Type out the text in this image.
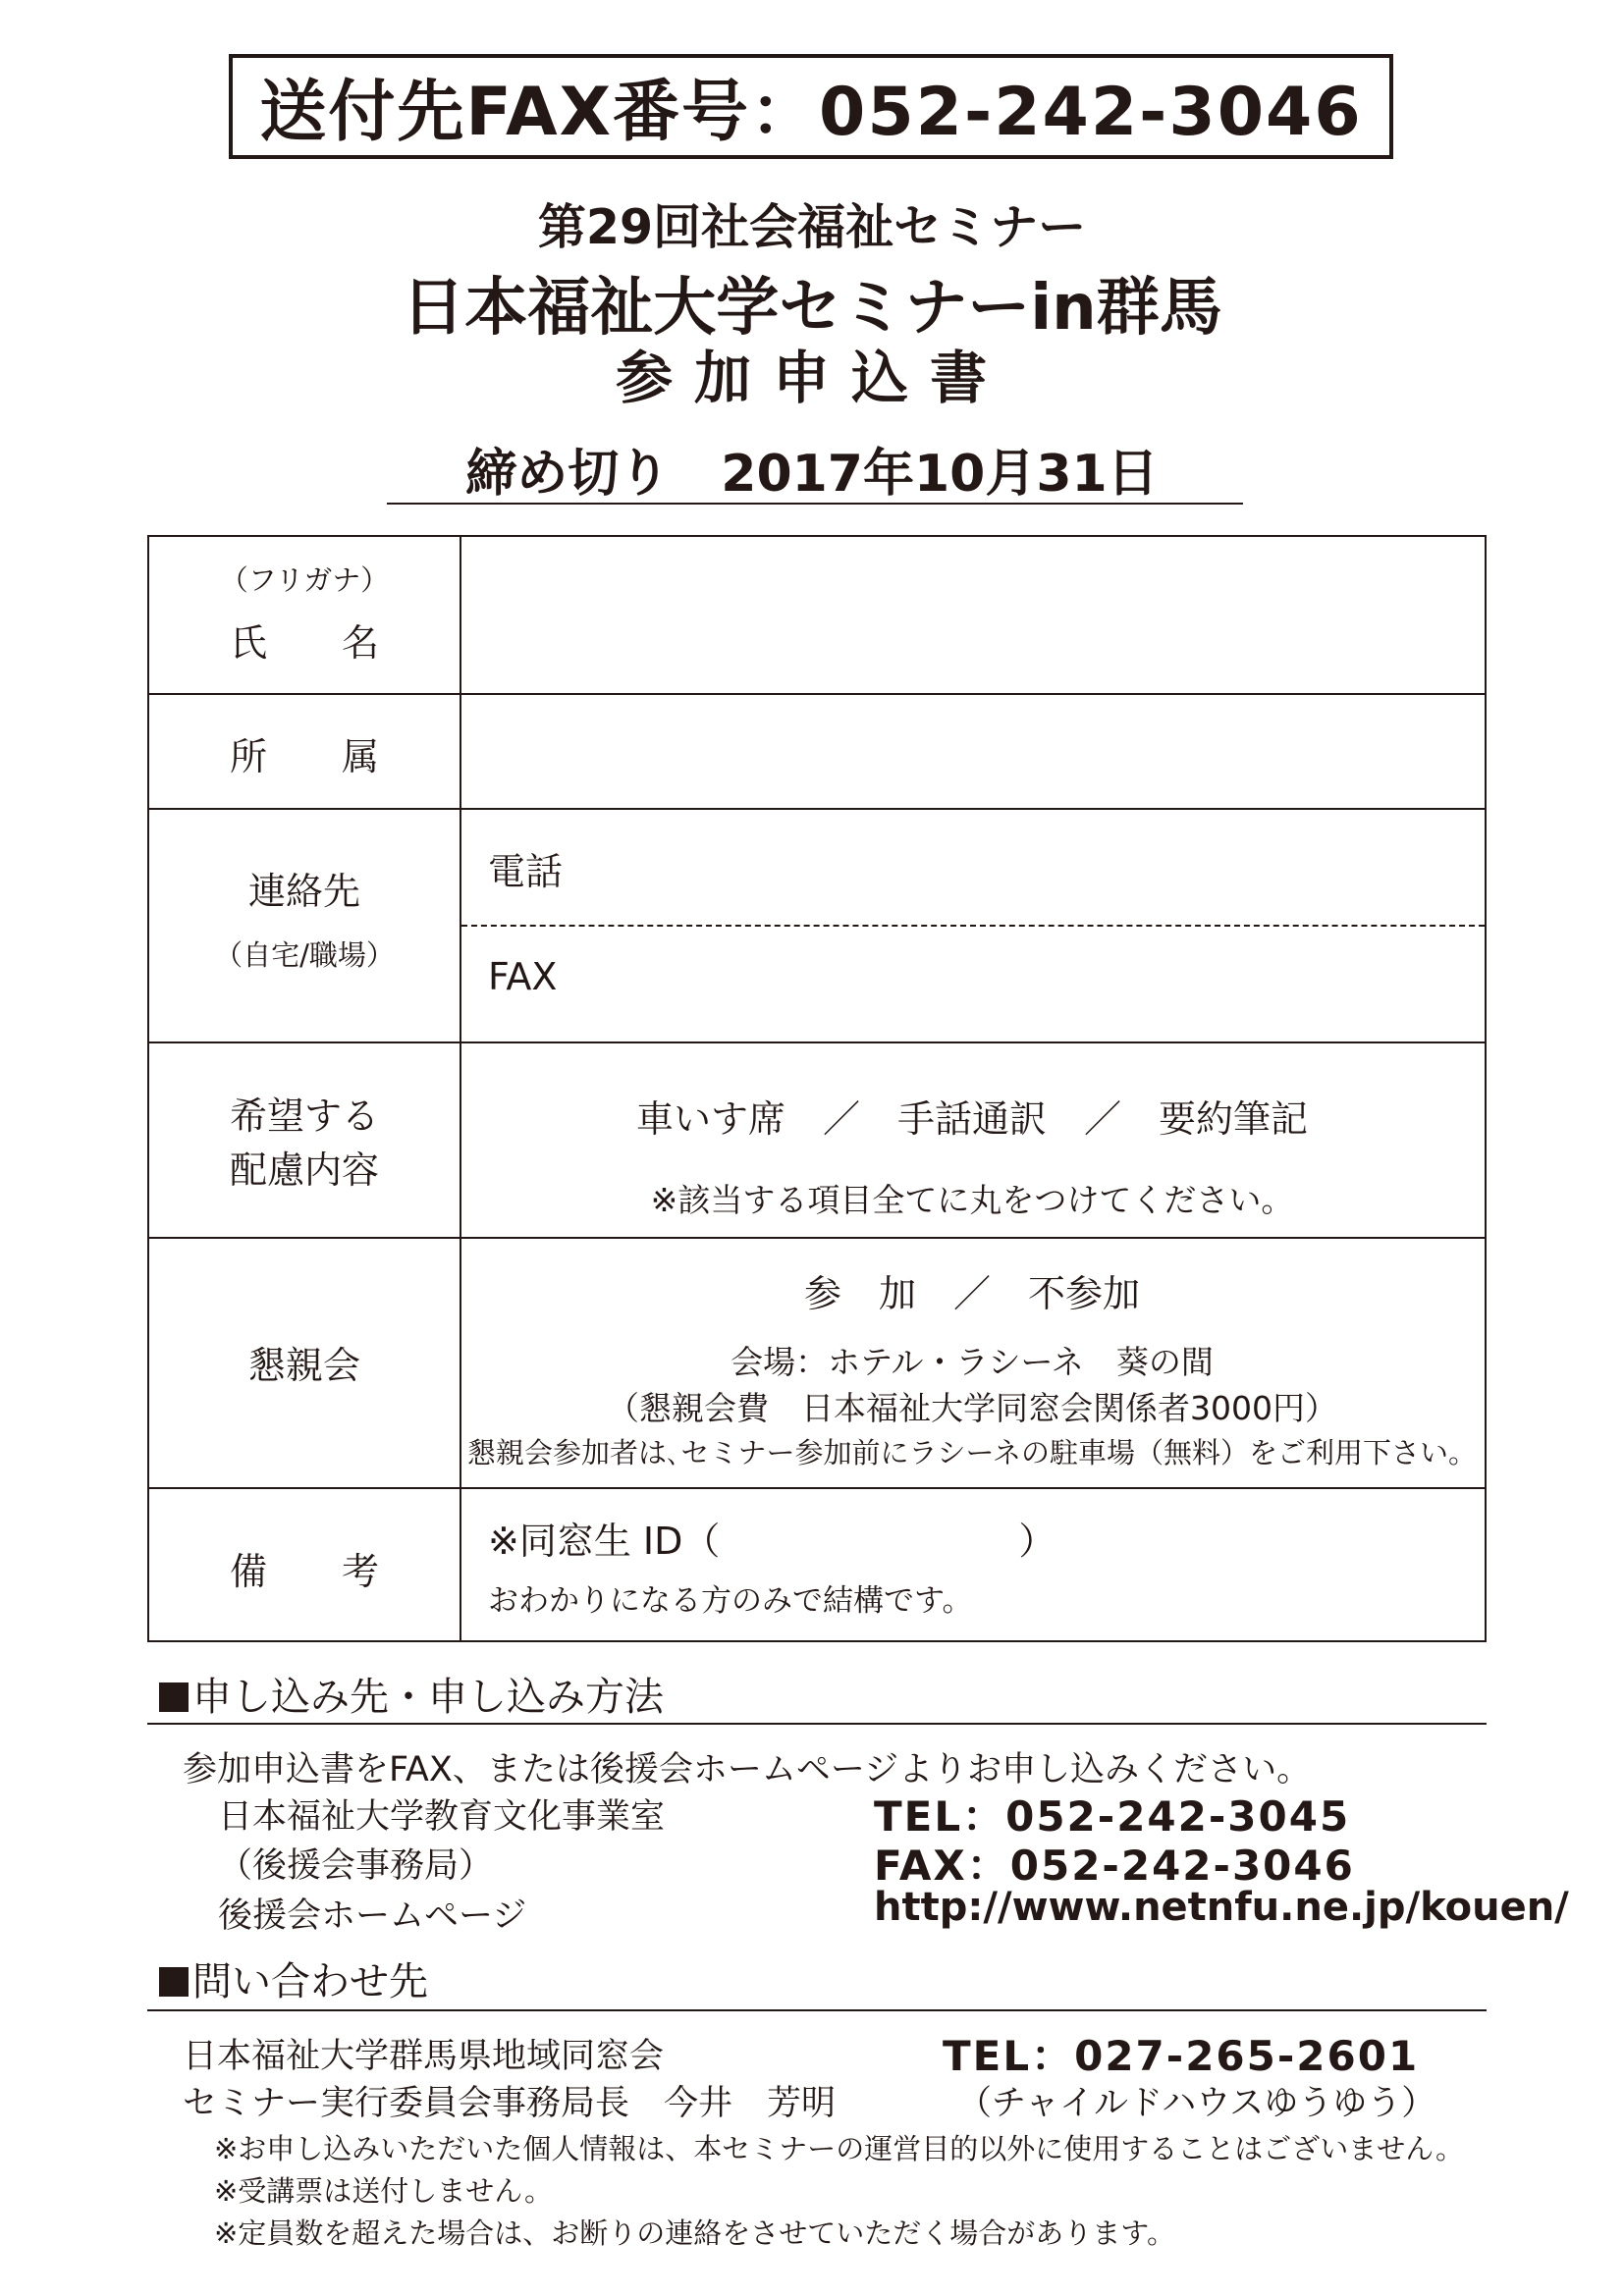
送付先FAX番号：052-242-3046
第29回社会福祉セミナー
日本福祉大学セミナーin群馬
参加申込書
締め切り　2017年10月31日
（フリガナ）
氏　　名
所　　属
連絡先
（自宅/職場）
電話
FAX
希望する
配慮内容
車いす席　／　手話通訳　／　要約筆記
※該当する項目全てに丸をつけてください。
懇親会
参　加　／　不参加
会場：ホテル・ラシーネ　葵の間
（懇親会費　日本福祉大学同窓会関係者3000円）
懇親会参加者は､セミナー参加前にラシーネの駐車場（無料）をご利用下さい。
備　　考
※同窓生 ID（　　　　　　　　）
おわかりになる方のみで結構です。
申し込み先・申し込み方法
参加申込書をFAX、または後援会ホームページよりお申し込みください。
日本福祉大学教育文化事業室
（後援会事務局）
後援会ホームページ
TEL：052-242-3045
FAX：052-242-3046
http://www.netnfu.ne.jp/kouen/
問い合わせ先
日本福祉大学群馬県地域同窓会
セミナー実行委員会事務局長　今井　芳明
TEL：027-265-2601
（チャイルドハウスゆうゆう）
※お申し込みいただいた個人情報は、本セミナーの運営目的以外に使用することはございません。
※受講票は送付しません。
※定員数を超えた場合は、お断りの連絡をさせていただく場合があります。
